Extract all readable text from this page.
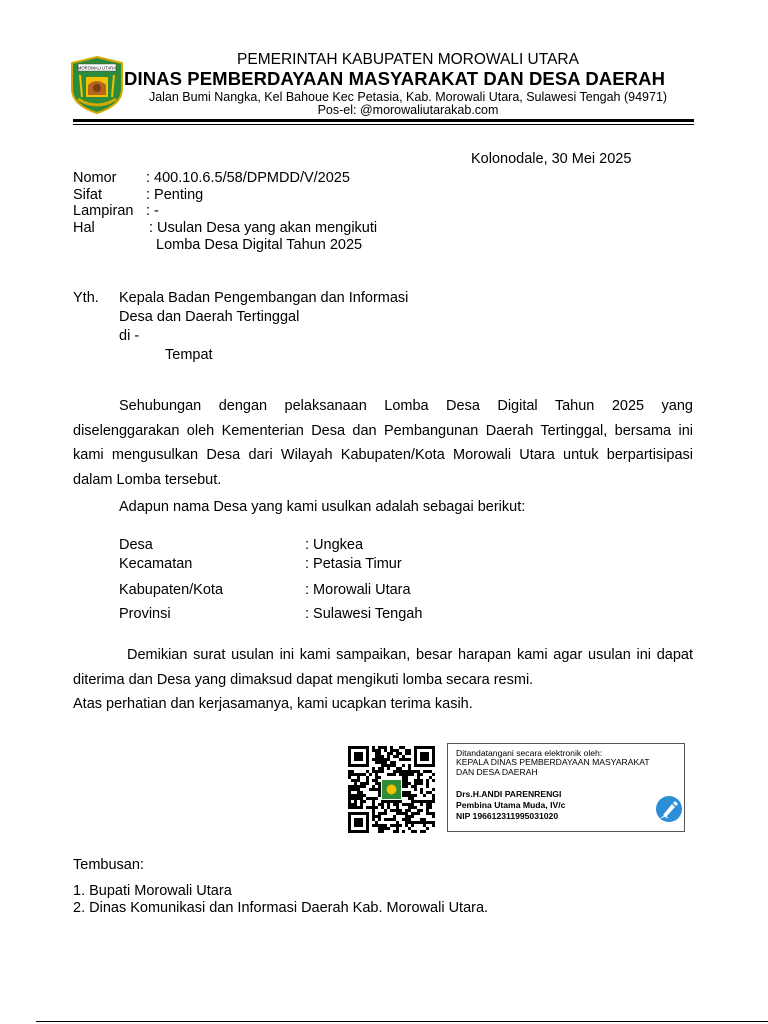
MOROWALI UTARA	PEMERINTAH KABUPATEN MOROWALI UTARA
DINAS PEMBERDAYAAN MASYARAKAT DAN DESA DAERAH
Jalan Bumi Nangka, Kel Bahoue Kec Petasia, Kab. Morowali Utara, Sulawesi Tengah (94971)
Pos-el: @morowaliutarakab.com
Kolonodale, 30 Mei 2025
Nomor : 400.10.6.5/58/DPMDD/V/2025
Sifat	: Penting
Lampiran : -
Hal	: Usulan Desa yang akan mengikuti
Lomba Desa Digital Tahun 2025
Yth. Kepala Badan Pengembangan dan Informasi
Desa dan Daerah Tertinggal
di -
Tempat
Sehubungan dengan pelaksanaan Lomba Desa Digital Tahun 2025 yang diselenggarakan oleh Kementerian Desa dan Pembangunan Daerah Tertinggal, bersama ini kami mengusulkan Desa dari Wilayah Kabupaten/Kota Morowali Utara untuk berpartisipasi dalam Lomba tersebut.
Adapun nama Desa yang kami usulkan adalah sebagai berikut:
Desa	: Ungkea
Kecamatan	: Petasia Timur
Kabupaten/Kota	: Morowali Utara
Provinsi	: Sulawesi Tengah
Demikian surat usulan ini kami sampaikan, besar harapan kami agar usulan ini dapat diterima dan Desa yang dimaksud dapat mengikuti lomba secara resmi.
Atas perhatian dan kerjasamanya, kami ucapkan terima kasih.
Ditandatangani secara elektronik oleh:
KEPALA DINAS PEMBERDAYAAN MASYARAKAT
DAN DESA DAERAH
Drs.H.ANDI PARENRENGI
Pembina Utama Muda, IV/c
NIP 196612311995031020
Tembusan:
1. Bupati Morowali Utara
2. Dinas Komunikasi dan Informasi Daerah Kab. Morowali Utara.
